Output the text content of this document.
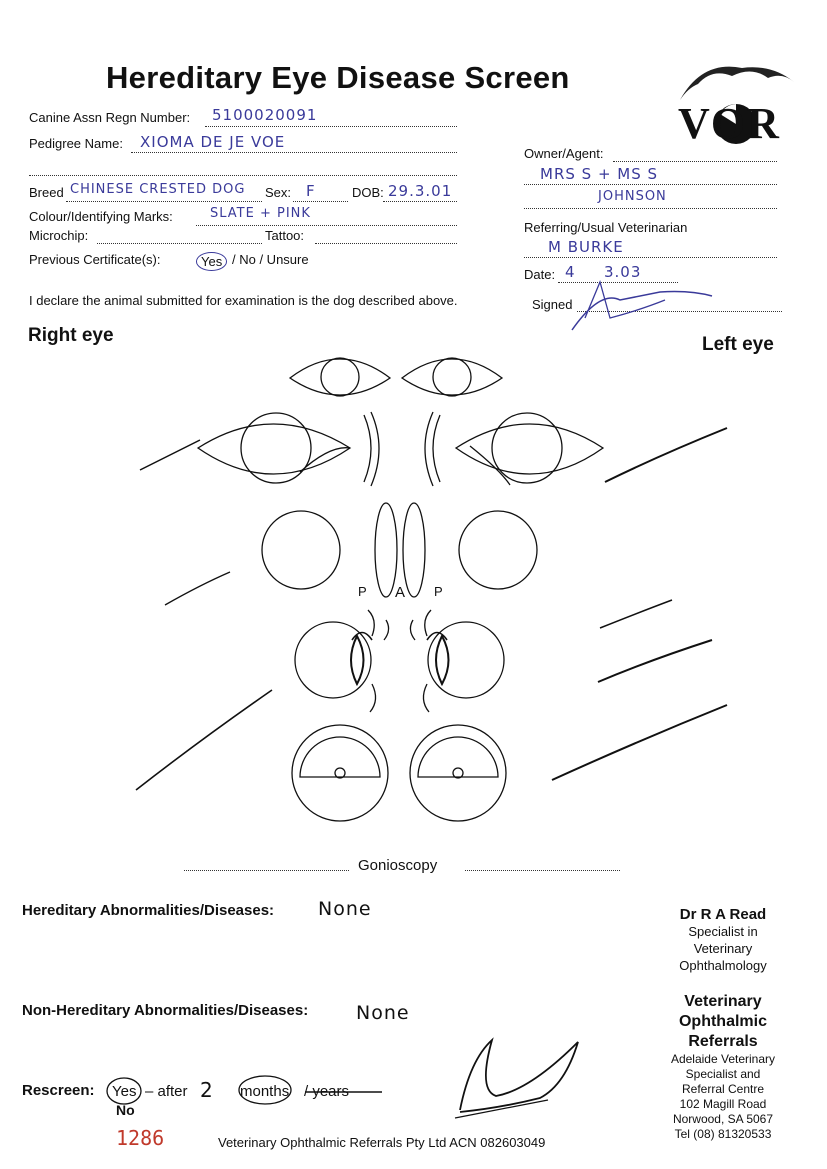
Hereditary Eye Disease Screen
VOR
Canine Assn Regn Number: 5100020091
Pedigree Name: XIOMA DE JE VOE
Breed CHINESE CRESTED DOG Sex: F	DOB: 29.3.01
Colour/Identifying Marks:	SLATE + PINK
Microchip:	Tattoo:
Previous Certificate(s):	Yes / No / Unsure
Owner/Agent:
MRS S + MS S
JOHNSON
Referring/Usual Veterinarian
M BURKE
Date: 4 3.03
I declare the animal submitted for examination is the dog described above.	Signed
Right eye	Left eye
P A P
Gonioscopy
Hereditary Abnormalities/Diseases: None
Non-Hereditary Abnormalities/Diseases:	None
Rescreen: Yes – after 2 months / years
No
1286	Veterinary Ophthalmic Referrals Pty Ltd ACN 082603049
Dr R A Read
Specialist in
Veterinary
Ophthalmology
Veterinary
Ophthalmic
Referrals
Adelaide Veterinary
Specialist and
Referral Centre
102 Magill Road
Norwood, SA 5067
Tel (08) 81320533
